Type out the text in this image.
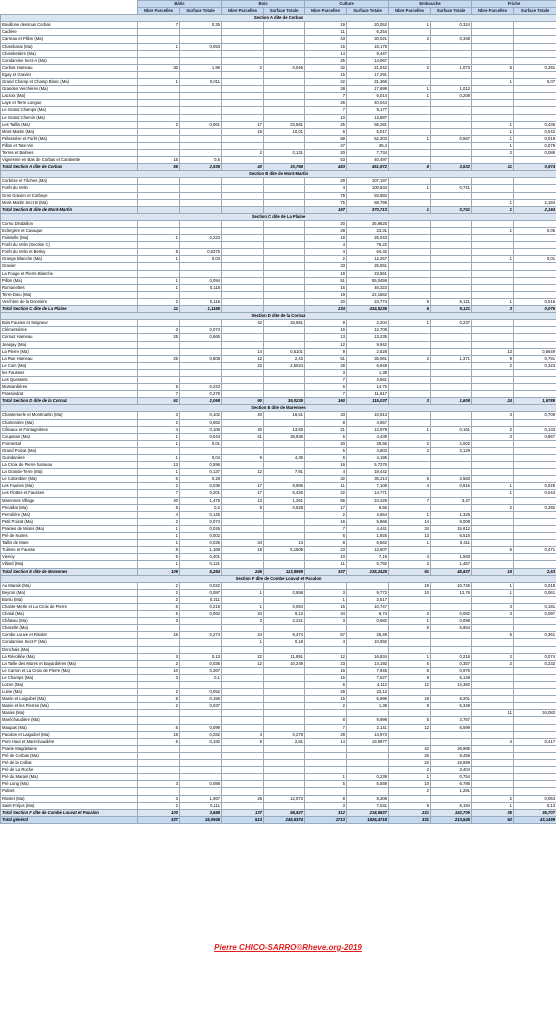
	Bâtis		Bois		Culture		Embouche		Friche	
	Nbre Parcelles	Surface Totale	Nbre Parcelles	Surface Totale	Nbre Parcelles	Surface Totale	Nbre Parcelles	Surface Totale	Nbre Parcelles	Surface Totale
Section A dite de Corbas										
Bouillone dessous Corbas	7	0,35			19	20,052	1	0,324		
Cadière					11	6,254				
Carreau et Pillon (Ma)					43	30,021	2	0,348		
Chambarat (Ma)	1	0,053			15	18,179				
Chambetière (Ma)					14	9,447				
Condamine Sect-A (Ma)					25	14,067				
Corbas Hameau	30	1,96	2	0,046	32	21,042	2	1,073	5	0,261
Egay et Gravier					15	17,291				
Grand Champ et Champ Blanc (Ma)	1	0,011			22	31,366			1	0,07
Grandes Verchères (Ma)					28	17,699	1	1,012		
Lacroix (Ma)					7	6,014	1	0,208		
Laye et Terre Longue					26	40,044				
Le Grand Champs (Ma)					7	9,177				
Le Grand Chemin (Ma)					10	13,887				
Les Taillis (Ma)	2	0,061	17	23,581	25	56,281			1	0,436
Mont-Martin (Ma)			19	10,01	6	5,017			1	0,042
Pélossière et Forêt (Ma)					58	52,303	1	0,567	1	0,018
Pillon et Tate-Vin					47	35,4			1	0,079
Terres et Balmes			2	0,131	20	7,734			2	0,086
Vignesme en Bas de Corbas et Cantinette	15	0,5			53	40,497				
Total Section A dite de Corbas	56	2,935	40	33,768	483	451,972	8	3,532	11	0,974
Section B dite de Mont-Martin										
Corbèze et Tâches (Ma)					29	107,197				
Forêt du Velin					4	100,834	1	0,741		
Gros Gravier et Corbeye					79	93,884				
Mont-Martin Sect B (Ma)					75	68,798			1	2,184
Total Section B dite de Mont-Martin					187	370,713	1	0,741	1	2,184
Section C dite de La Plaine										
Cornu Dindallion					20	35,9625				
Eclergère et Cavaque					28	23,31			1	0,05
Faisselle (Ma)	1	0,223			18	26,043				
Forêt du Velin (Section C)					4	76,22				
Forêt du Velin et Berley	5	0,5375			4	64,32				
Grange Blanche (Ma)	1	0,03			2	12,257			1	0,01
Gravier					33	25,551				
La Fouge et Pierre Blanche					19	23,561				
Pillon (Ma)	1	0,094			51	55,0459				
Romanettes	1	0,118			16	46,323				
Terre-Dieu (Ma)					19	22,1562				
Verchère de la Donnière	2	0,116			20	23,774	6	9,121	1	0,016
Total Section C dite de La Plaine	11	1,1185			234	434,5236	6	9,121	3	0,076
Section D dite de la Cornaz										
Bois Fauries et Seigneur			42	33,581	8	2,204	1	0,237		
Clémentières	3	0,074			16	12,709				
Cornaz Hameau	25	0,665			13	13,235				
Jeanjay (Ma)					12	9,942				
La Pierre (Ma)			14	0,5101	9	2,628			13	0,5649
La Rue Hameau	25	0,808	12	2,43	51	35,061	2	1,371	9	0,791
Le Coin (Ma)			22	2,5024	28	6,948			2	0,323
les Fausses					3	1,38				
Les Quessets					7	4,561				
Mussardières	5	0,243			6	14,75				
Prassindrat	7	0,279			7	11,617				
Total Section D dite de la Cornaz	61	2,069	90	39,0235	160	115,037	3	1,608	24	1,6789
Section E dite de Marennes										
Chantemerle et Montmartin (Ma)	3	0,102	40	16,61	33	10,913			3	0,709
Chartonière (Ma)	2	0,062			8	4,957				
Côteaux et Fontagnières	4	0,106	40	13,83	21	12,979	1	0,161	2	0,133
Coupetan (Ma)	1	0,044	41	36,836	5	4,439			3	0,867
Fromental	1	0,01			20	28,56	2	2,002		
Grand Poizat (Ma)					5	4,603	2	3,129		
Guindanière	1	0,04	9	4,35	6	4,195				
La Croix de Pierre hameau	13	0,596			16	5,7276				
La Grande-Terre (Ma)	1	0,137	12	7,91	4	18,442				
Le Colombier (Ma)	6	0,28			32	35,214	5	3,583		
Les Fauries (Ma)	2	0,036	17	8,995	11	7,109	4	0,816	1	0,025
Les Flottes et Fausses	7	0,201	17	5,426	22	14,771			1	0,043
Marennes Village	40	1,475	13	1,261	56	24,429	7	3,47		
Pécaillat (Ma)	5	0,2	5	0,528	17	8,56			2	0,282
Perrolière (Ma)	4	0,145			2	4,654	1	1,325		
Petit Poizat (Ma)	2	0,074			16	5,866	14	6,008		
Prairies de Mions (Ma)	1	0,026			7	4,441	34	15,612		
Pré de Nuires	1	0,002			6	1,925	13	6,515		
Taillis de Mure	1	0,035	34	13	8	6,662	1	0,411		
Tuilerie et Fausse	8	1,168	18	5,1509	23	13,607			6	0,471
Vienoy	5	0,401			10	7,19	4	1,593		
Villard (Ma)	1	0,121			11	5,792	3	1,467		
Total Section E dite de Marennes	109	5,284	246	113,8989	337	235,2425	91	45,837	18	2,53
Section F dite de Combe Louvat et Pacalon										
Au Marais (Ma)	2	0,022					19	10,746	1	0,018
Beyron (Ma)	2	0,087	1	0,558	3	9,772	10	12,76	1	0,061
Bonlu (Ma)	2	0,211			1	2,517				
Chante-Merle et La Croix de Pierre	6	0,215	1	0,064	15	10,747			3	0,181
Chatal (Ma)	5	0,062	34	9,13	34	8,74	2	0,082	3	0,097
Château (Ma)	3		3	2,221	3	0,682	1	0,098		
Chazelle (Ma)							6	6,954		
Combe Louve et Risolet	16	0,274	24	9,474	57	25,49			5	0,361
Condamine Sect-F (Ma)			1	0,18	4	10,992				
Donchais (Ma)										
La Révolilée (Ma)	3	0,13	22	11,891	12	16,834	1	0,216	2	0,074
La Taille des Mures et Bayardières (Ma)	2	0,036	12	10,249	23	14,192	5	0,357	2	0,232
Le Carron et La Croix de Pierre (Ma)	10	0,267			16	7,945	5	0,978		
Le Champs (Ma)	3	0,1			16	7,527	8	5,148		
Lozon (Ma)					6	4,112	12	14,382		
Luine (Ma)	2	0,052			28	23,12				
Manin et Laiguibel (Ma)	8	0,156			15	6,996	19	8,201		
Manin et les Pierres (Ma)	2	0,037			2	1,39	8	5,348		
Marais (Ma)									11	34,082
Maréchaudière (Ma)					8	9,999	5	3,767		
Maupas (Ma)	6	0,099			7	2,141	12	6,599		
Pacalon et Laiguibel (Ma)	18	0,282	4	0,278	29	14,973				
Pont Haut et Maréchaudière	6	0,192	9	2,81	14	19,6977			4	0,417
Prairie Magdelaine							42	26,985		
Pré de Corbas (Ma)							26	8,465		
Pré de la Colliat							22	19,999		
Pré de La Roche							2	3,404		
Pré du Marais (Ma)					1	0,239	1	0,754		
Pré Long (Ma)	3	0,088			5	5,559	10	6,786		
Pulivet							2	1,281		
Risolet (Ma)	3	1,067	26	12,073	8	8,308			2	0,053
Saint-Fréjus (Ma)	2	0,111			3	7,031	5	8,194	1	0,13
Total Section F dite de Combe Louvat et Pacalon	100	3,688	137	58,927	312	218,9837	221	152,706	35	35,707
Total général	337	15,0945	513	245,6374	1713	1826,4718	331	213,545	92	43,1499
Pierre CHICO-SARRO©Rheve.org-2019
